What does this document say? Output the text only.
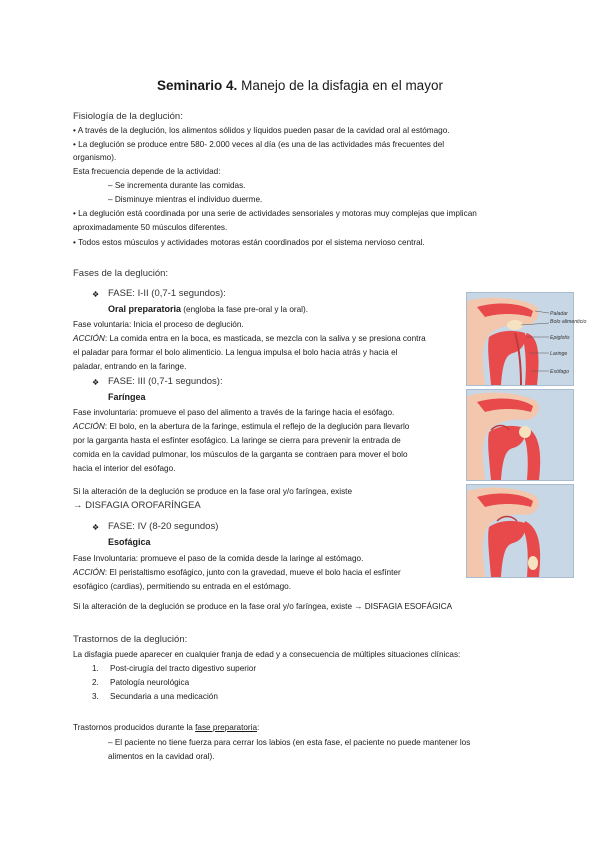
Seminario 4. Manejo de la disfagia en el mayor
Fisiología de la deglución:
• A través de la deglución, los alimentos sólidos y líquidos pueden pasar de la cavidad oral al estómago.
• La deglución se produce entre 580- 2.000 veces al día (es una de las actividades más frecuentes del
organismo).
Esta frecuencia depende de la actividad:
– Se incrementa durante las comidas.
– Disminuye mientras el individuo duerme.
• La deglución está coordinada por una serie de actividades sensoriales y motoras muy complejas que implican
aproximadamente 50 músculos diferentes.
• Todos estos músculos y actividades motoras están coordinados por el sistema nervioso central.
Fases de la deglución:
❖ FASE: I-II (0,7-1 segundos):
Oral preparatoria (engloba la fase pre-oral y la oral).
Fase voluntaria: Inicia el proceso de deglución.
ACCIÓN: La comida entra en la boca, es masticada, se mezcla con la saliva y se presiona contra
el paladar para formar el bolo alimenticio. La lengua impulsa el bolo hacia atrás y hacia el
paladar, entrando en la faringe.
❖ FASE: III (0,7-1 segundos):
Faríngea
Fase involuntaria: promueve el paso del alimento a través de la faringe hacia el esófago.
ACCIÓN: El bolo, en la abertura de la faringe, estimula el reflejo de la deglución para llevarlo
por la garganta hasta el esfínter esofágico. La laringe se cierra para prevenir la entrada de
comida en la cavidad pulmonar, los músculos de la garganta se contraen para mover el bolo
hacia el interior del esófago.
Si la alteración de la deglución se produce en la fase oral y/o faríngea, existe
→ DISFAGIA OROFARÍNGEA
❖ FASE: IV (8-20 segundos)
Esofágica
Fase Involuntaria: promueve el paso de la comida desde la laringe al estómago.
ACCIÓN: El peristaltismo esofágico, junto con la gravedad, mueve el bolo hacia el esfínter
esofágico (cardias), permitiendo su entrada en el estómago.
Si la alteración de la deglución se produce en la fase oral y/o faríngea, existe → DISFAGIA ESOFÁGICA
Trastornos de la deglución:
La disfagia puede aparecer en cualquier franja de edad y a consecuencia de múltiples situaciones clínicas:
1. Post-cirugía del tracto digestivo superior
2. Patología neurológica
3. Secundaria a una medicación
Trastornos producidos durante la fase preparatoria:
– El paciente no tiene fuerza para cerrar los labios (en esta fase, el paciente no puede mantener los
alimentos en la cavidad oral).
Paladar
Bolo alimenticio
Epiglotis
Laringe
Esófago
